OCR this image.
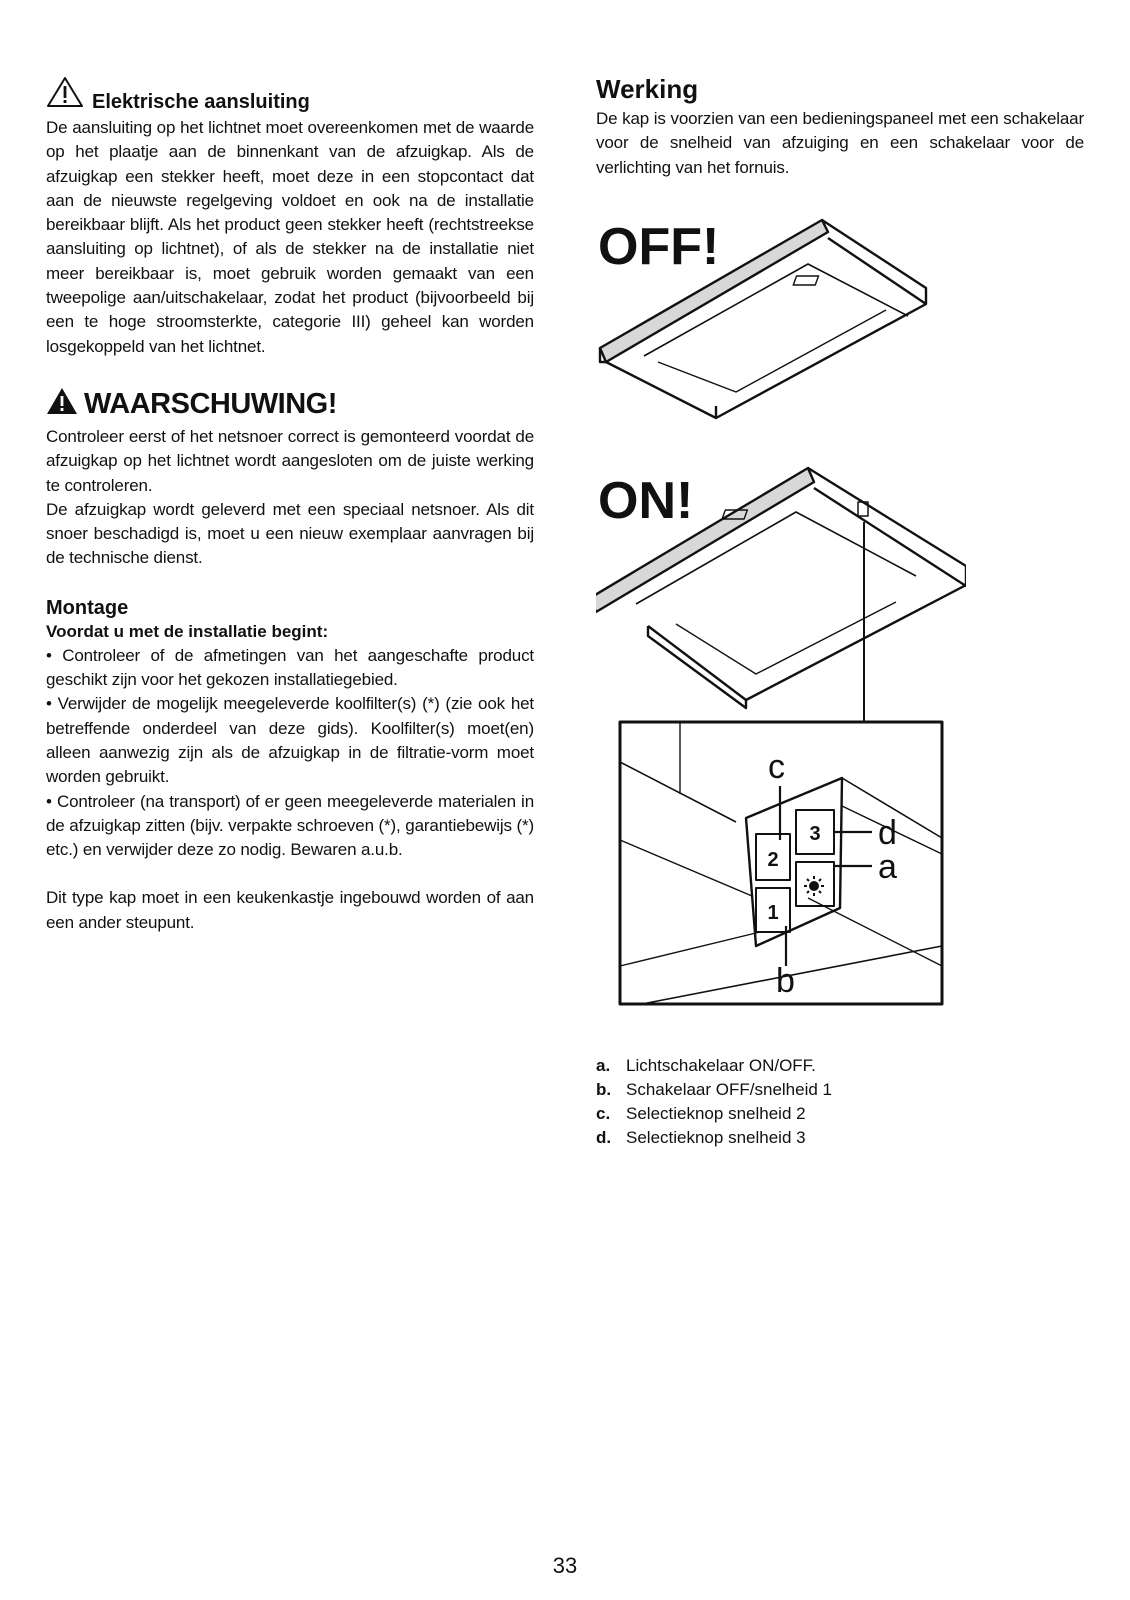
Elektrische aansluiting

De aansluiting op het lichtnet moet overeenkomen met de waarde op het plaatje aan de binnenkant van de afzuigkap. Als de afzuigkap een stekker heeft, moet deze in een stopcontact dat aan de nieuwste regelgeving voldoet en ook na de installatie bereikbaar blijft. Als het product geen stekker heeft (rechtstreekse aansluiting op lichtnet), of als de stekker na de installatie niet meer bereikbaar is, moet gebruik worden gemaakt van een tweepolige aan/uitschakelaar, zodat het product (bijvoorbeeld bij een te hoge stroomsterkte, categorie III) geheel kan worden losgekoppeld van het lichtnet.

WAARSCHUWING!

Controleer eerst of het netsnoer correct is gemonteerd voordat de afzuigkap op het lichtnet wordt aangesloten om de juiste werking te controleren.

De afzuigkap wordt geleverd met een speciaal netsnoer. Als dit snoer beschadigd is, moet u een nieuw exemplaar aanvragen bij de technische dienst.

Montage
Voordat u met de installatie begint:

• Controleer of de afmetingen van het aangeschafte product geschikt zijn voor het gekozen installatiegebied.

• Verwijder de mogelijk meegeleverde koolfilter(s) (*) (zie ook het betreffende onderdeel van deze gids). Koolfilter(s) moet(en) alleen aanwezig zijn als de afzuigkap in de filtratie-vorm moet worden gebruikt.

• Controleer (na transport) of er geen meegeleverde materialen in de afzuigkap zitten (bijv. verpakte schroeven (*), garantiebewijs (*) etc.) en verwijder deze zo nodig. Bewaren a.u.b.

Dit type kap moet in een keukenkastje ingebouwd worden of aan een ander steupunt.

Werking

De kap is voorzien van een bedieningspaneel met een schakelaar voor de snelheid van afzuiging en een schakelaar voor de verlichting van het fornuis.

OFF!
ON!
2
1
3
c
d
a
b
a. Lichtschakelaar ON/OFF.
b. Schakelaar OFF/snelheid 1
c. Selectieknop snelheid 2
d. Selectieknop snelheid 3
33
